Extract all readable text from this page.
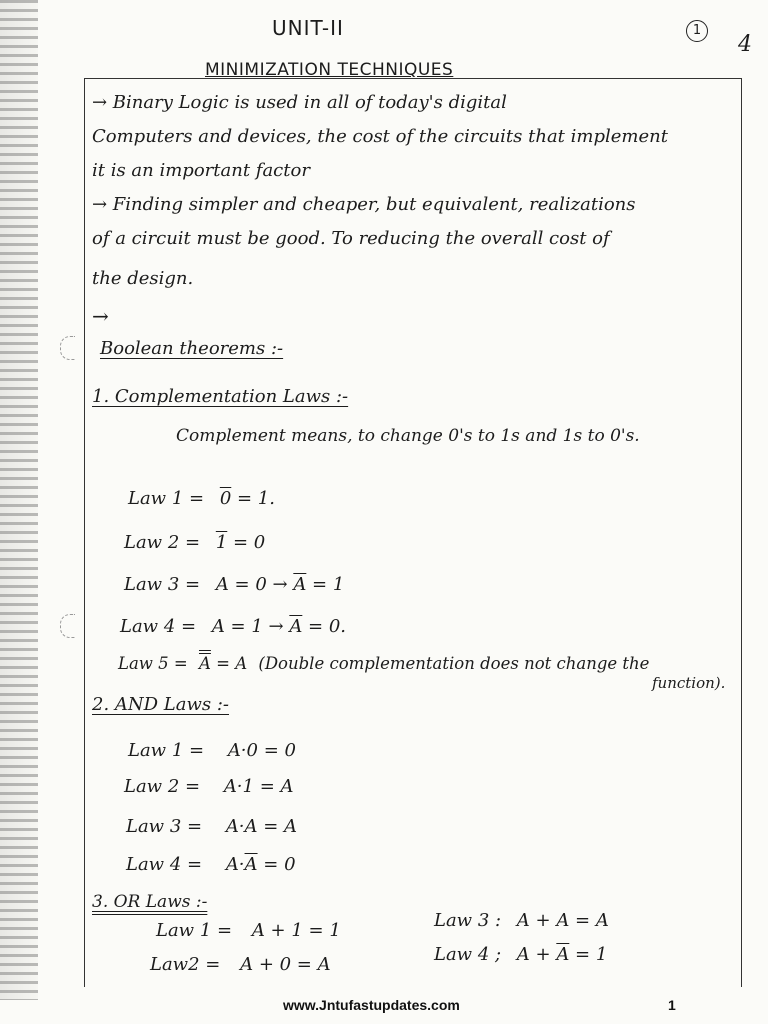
UNIT-II	1
4
MINIMIZATION TECHNIQUES
→ Binary Logic is used in all of today's digital
Computers and devices, the cost of the circuits that implement
it is an important factor
→ Finding simpler and cheaper, but equivalent, realizations
of a circuit must be good. To reducing the overall cost of
the design.
→
Boolean theorems :-
1. Complementation Laws :-
Complement means, to change 0's to 1s and 1s to 0's.
Law 1 = 0 = 1.
Law 2 = 1 = 0
Law $3 = A = 0 \to \overline{A} = 1$
Law $4 = A = 1 \to \overline{A} = 0$.
Law 5 = A = A (Double complementation does not change the
function).
2. AND Laws :-
Law 1 = A·0 = 0
Law 2 = A·1 = A
Law 3 = A·A = A
Law $4 = A\cdot\overline{A} = 0$
3. OR Laws :-
Law 1 = A + 1 = 1
Law2 = A + 0 = A
Law 3 : A + A = A
Law 4 ; $A + \overline{A} = 1$
www.Jntufastupdates.com	1
